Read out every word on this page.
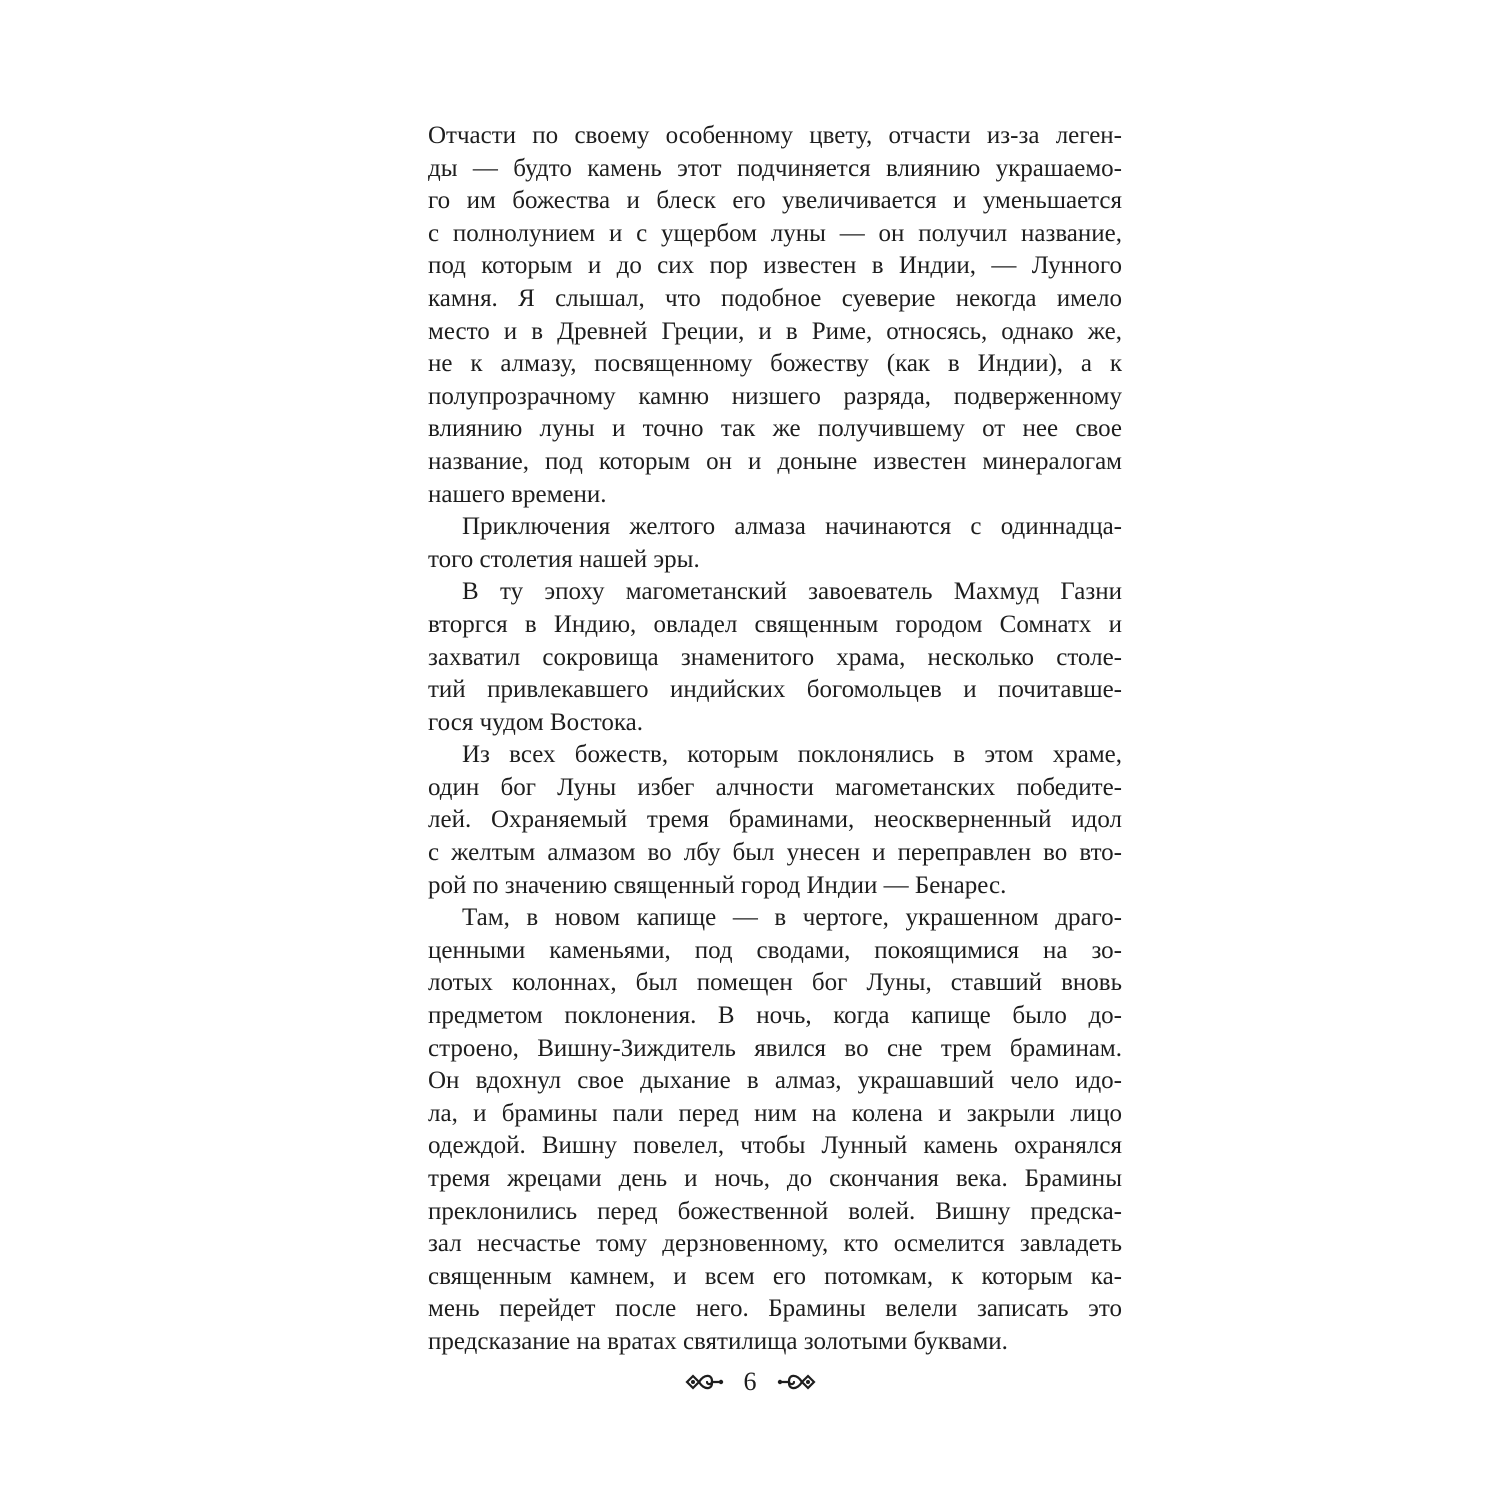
Отчасти по своему особенному цвету, отчасти из-за леген-
ды — будто камень этот подчиняется влиянию украшаемо-
го им божества и блеск его увеличивается и уменьшается
с полнолунием и с ущербом луны — он получил название,
под которым и до сих пор известен в Индии, — Лунного
камня. Я слышал, что подобное суеверие некогда имело
место и в Древней Греции, и в Риме, относясь, однако же,
не к алмазу, посвященному божеству (как в Индии), а к
полупрозрачному камню низшего разряда, подверженному
влиянию луны и точно так же получившему от нее свое
название, под которым он и доныне известен минералогам
нашего времени.
Приключения желтого алмаза начинаются с одиннадца-
того столетия нашей эры.
В ту эпоху магометанский завоеватель Махмуд Газни
вторгся в Индию, овладел священным городом Сомнатх и
захватил сокровища знаменитого храма, несколько столе-
тий привлекавшего индийских богомольцев и почитавше-
гося чудом Востока.
Из всех божеств, которым поклонялись в этом храме,
один бог Луны избег алчности магометанских победите-
лей. Охраняемый тремя браминами, неоскверненный идол
с желтым алмазом во лбу был унесен и переправлен во вто-
рой по значению священный город Индии — Бенарес.
Там, в новом капище — в чертоге, украшенном драго-
ценными каменьями, под сводами, покоящимися на зо-
лотых колоннах, был помещен бог Луны, ставший вновь
предметом поклонения. В ночь, когда капище было до-
строено, Вишну-Зиждитель явился во сне трем браминам.
Он вдохнул свое дыхание в алмаз, украшавший чело идо-
ла, и брамины пали перед ним на колена и закрыли лицо
одеждой. Вишну повелел, чтобы Лунный камень охранялся
тремя жрецами день и ночь, до скончания века. Брамины
преклонились перед божественной волей. Вишну предска-
зал несчастье тому дерзновенному, кто осмелится завладеть
священным камнем, и всем его потомкам, к которым ка-
мень перейдет после него. Брамины велели записать это
предсказание на вратах святилища золотыми буквами.
6
